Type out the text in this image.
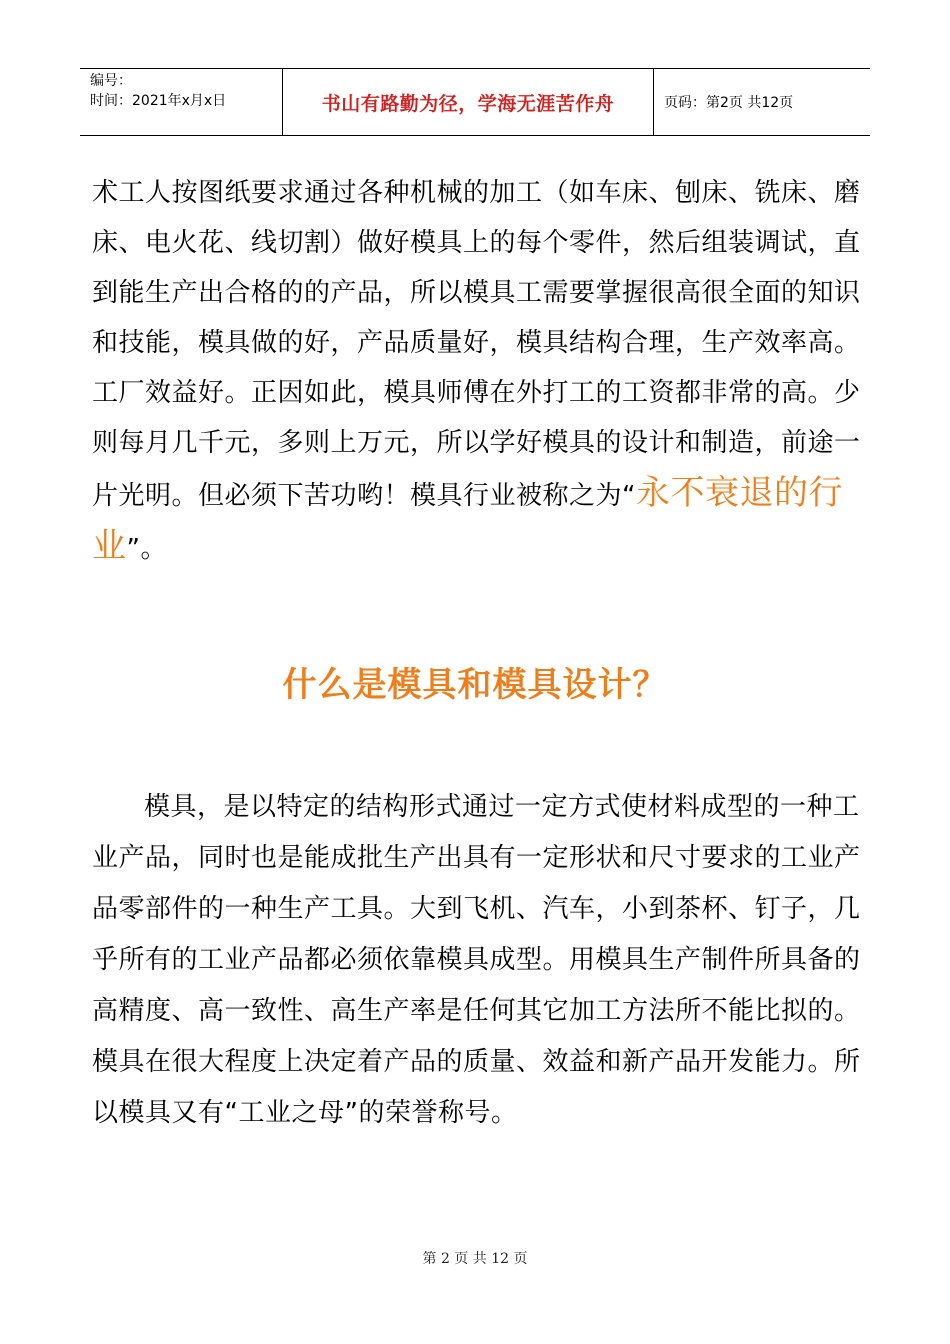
编号：
时间：2021年x月x日	书山有路勤为径，学海无涯苦作舟	页码：第2页 共12页

术工人按图纸要求通过各种机械的加工（如车床、刨床、铣床、磨床、电火花、线切割）做好模具上的每个零件，然后组装调试，直到能生产出合格的的产品，所以模具工需要掌握很高很全面的知识和技能，模具做的好，产品质量好，模具结构合理，生产效率高。工厂效益好。正因如此，模具师傅在外打工的工资都非常的高。少则每月几千元，多则上万元，所以学好模具的设计和制造，前途一片光明。但必须下苦功哟！模具行业被称之为“永不衰退的行业”。

什么是模具和模具设计？

模具，是以特定的结构形式通过一定方式使材料成型的一种工业产品，同时也是能成批生产出具有一定形状和尺寸要求的工业产品零部件的一种生产工具。大到飞机、汽车，小到茶杯、钉子，几乎所有的工业产品都必须依靠模具成型。用模具生产制件所具备的高精度、高一致性、高生产率是任何其它加工方法所不能比拟的。模具在很大程度上决定着产品的质量、效益和新产品开发能力。所以模具又有“工业之母”的荣誉称号。

第 2 页 共 12 页
